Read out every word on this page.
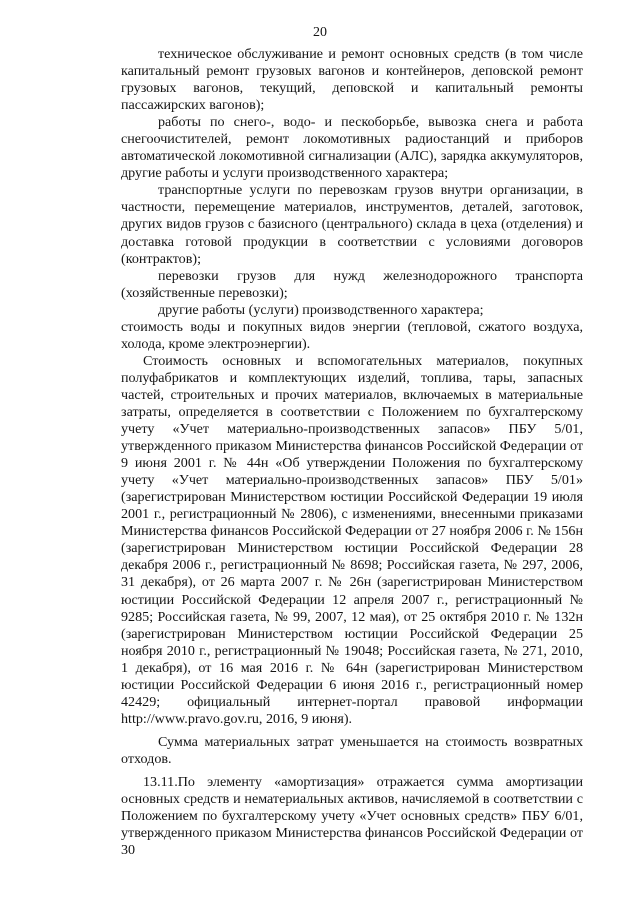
20

техническое обслуживание и ремонт основных средств (в том числе капитальный ремонт грузовых вагонов и контейнеров, деповской ремонт грузовых вагонов, текущий, деповской и капитальный ремонты пассажирских вагонов);

работы по снего-, водо- и пескоборьбе, вывозка снега и работа снегоочистителей, ремонт локомотивных радиостанций и приборов автоматической локомотивной сигнализации (АЛС), зарядка аккумуляторов, другие работы и услуги производственного характера;

транспортные услуги по перевозкам грузов внутри организации, в частности, перемещение материалов, инструментов, деталей, заготовок, других видов грузов с базисного (центрального) склада в цеха (отделения) и доставка готовой продукции в соответствии с условиями договоров (контрактов);

перевозки грузов для нужд железнодорожного транспорта (хозяйственные перевозки);

другие работы (услуги) производственного характера;

стоимость воды и покупных видов энергии (тепловой, сжатого воздуха, холода, кроме электроэнергии).

Стоимость основных и вспомогательных материалов, покупных полуфабрикатов и комплектующих изделий, топлива, тары, запасных частей, строительных и прочих материалов, включаемых в материальные затраты, определяется в соответствии с Положением по бухгалтерскому учету «Учет материально-производственных запасов» ПБУ 5/01, утвержденного приказом Министерства финансов Российской Федерации от 9 июня 2001 г. № 44н «Об утверждении Положения по бухгалтерскому учету «Учет материально-производственных запасов» ПБУ 5/01» (зарегистрирован Министерством юстиции Российской Федерации 19 июля 2001 г., регистрационный № 2806), с изменениями, внесенными приказами Министерства финансов Российской Федерации от 27 ноября 2006 г. № 156н (зарегистрирован Министерством юстиции Российской Федерации 28 декабря 2006 г., регистрационный № 8698; Российская газета, № 297, 2006, 31 декабря), от 26 марта 2007 г. № 26н (зарегистрирован Министерством юстиции Российской Федерации 12 апреля 2007 г., регистрационный № 9285; Российская газета, № 99, 2007, 12 мая), от 25 октября 2010 г. № 132н (зарегистрирован Министерством юстиции Российской Федерации 25 ноября 2010 г., регистрационный № 19048; Российская газета, № 271, 2010, 1 декабря), от 16 мая 2016 г. № 64н (зарегистрирован Министерством юстиции Российской Федерации 6 июня 2016 г., регистрационный номер 42429; официальный интернет-портал правовой информации http://www.pravo.gov.ru, 2016, 9 июня).

Сумма материальных затрат уменьшается на стоимость возвратных отходов.

13.11.По элементу «амортизация» отражается сумма амортизации основных средств и нематериальных активов, начисляемой в соответствии с Положением по бухгалтерскому учету «Учет основных средств» ПБУ 6/01, утвержденного приказом Министерства финансов Российской Федерации от 30
